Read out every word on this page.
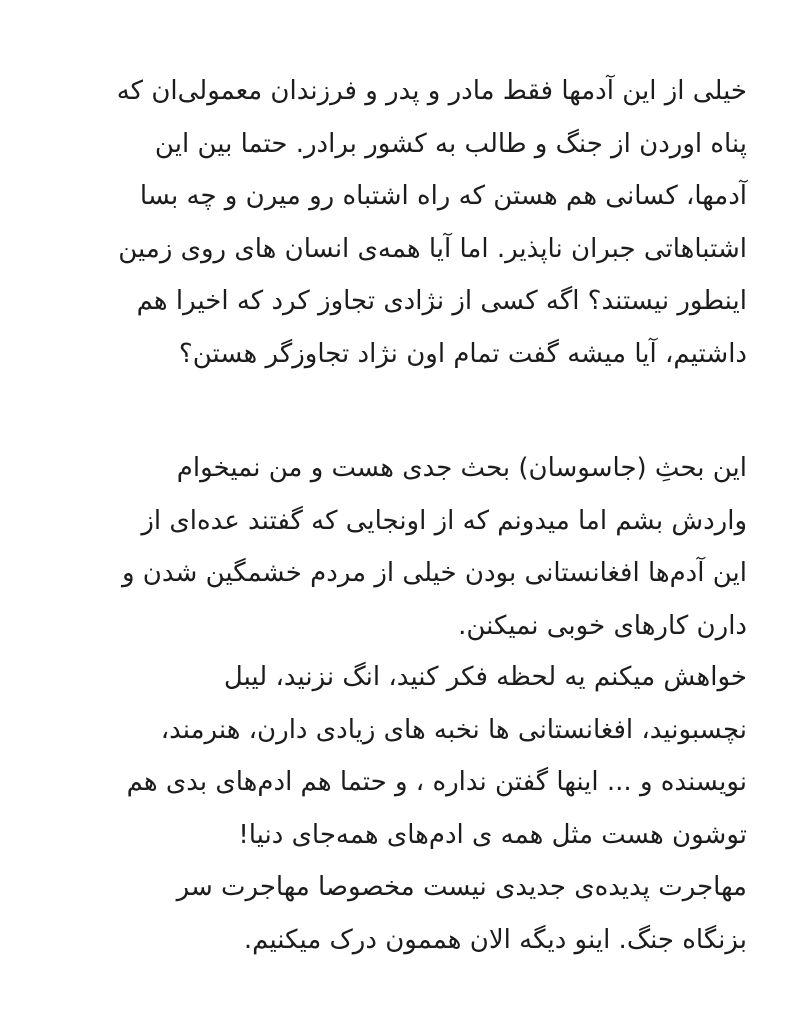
خیلی از این آدمها فقط مادر و پدر و فرزندان معمولی‌ان که
پناه اوردن از جنگ و طالب به کشور برادر. حتما بین این
آدمها، کسانی هم هستن که راه اشتباه رو میرن و چه بسا
اشتباهاتی جبران ناپذیر. اما آیا همه‌ی انسان های روی زمین
اینطور نیستند؟ اگه کسی از نژادی تجاوز کرد که اخیرا هم
داشتیم، آیا میشه گفت تمام اون نژاد تجاوزگر هستن؟
این بحثِ (جاسوسان) بحث جدی هست و من نمیخوام
واردش بشم اما میدونم که از اونجایی که گفتند عده‌ای از
این آدم‌ها افغانستانی بودن خیلی از مردم خشمگین شدن و
دارن کارهای خوبی نمیکنن.
خواهش میکنم یه لحظه فکر کنید، انگ نزنید، لیبل
نچسبونید، افغانستانی ها نخبه های زیادی دارن، هنرمند،
نویسنده و ... اینها گفتن نداره ، و حتما هم ادم‌های بدی هم
توشون هست مثل همه ی ادم‌های همه‌جای دنیا!
مهاجرت پدیده‌ی جدیدی نیست مخصوصا مهاجرت سر
بزنگاه جنگ. اینو دیگه الان هممون درک میکنیم.
